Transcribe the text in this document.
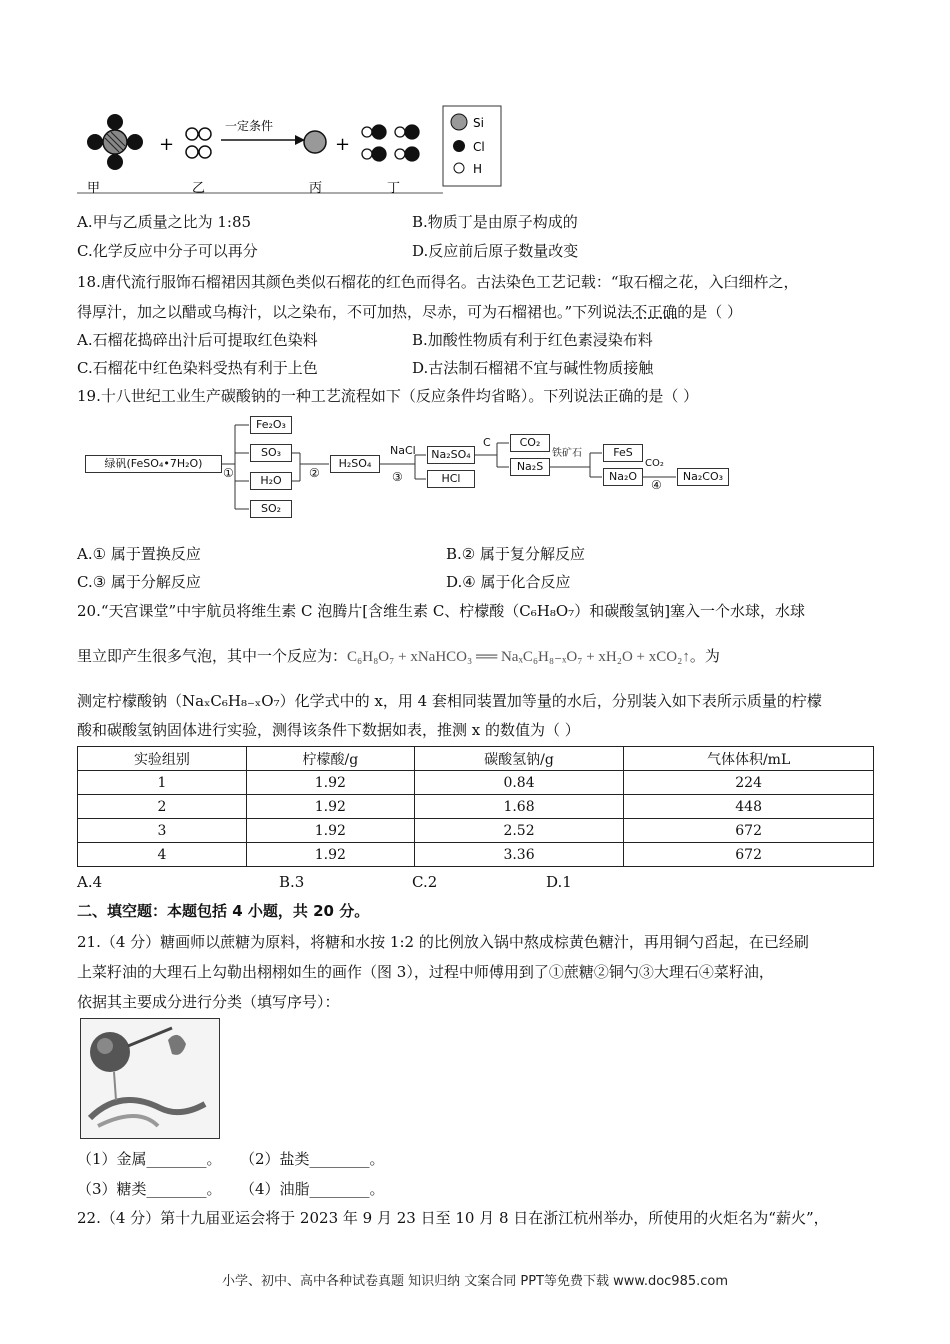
+
一定条件
+
Si
Cl
H
甲	乙	丙	丁
A.甲与乙质量之比为 1:85	B.物质丁是由原子构成的
C.化学反应中分子可以再分	D.反应前后原子数量改变
18.唐代流行服饰石榴裙因其颜色类似石榴花的红色而得名。古法染色工艺记载：“取石榴之花，入臼细杵之，
得厚汁，加之以醋或乌梅汁，以之染布，不可加热，尽赤，可为石榴裙也。”下列说法不正确的是（ ）
A.石榴花捣碎出汁后可提取红色染料	B.加酸性物质有利于红色素浸染布料
C.石榴花中红色染料受热有利于上色	D.古法制石榴裙不宜与碱性物质接触
19.十八世纪工业生产碳酸钠的一种工艺流程如下（反应条件均省略）。下列说法正确的是（ ）
绿矾(FeSO₄•7H₂O)
Fe₂O₃
SO₃
H₂O
SO₂
①	②
H₂SO₄
NaCl
③
Na₂SO₄
HCl
C	CO₂
Na₂S
铁矿石	FeS
Na₂O
CO₂
④
Na₂CO₃
A.① 属于置换反应	B.② 属于复分解反应
C.③ 属于分解反应	D.④ 属于化合反应
20.“天宫课堂”中宇航员将维生素 C 泡腾片[含维生素 C、柠檬酸（C₆H₈O₇）和碳酸氢钠]塞入一个水球，水球
里立即产生很多气泡，其中一个反应为：C₆H₈O₇ + xNaHCO₃ ══ NaₓC₆H₈₋ₓO₇ + xH₂O + xCO₂↑。为
测定柠檬酸钠（NaₓC₆H₈₋ₓO₇）化学式中的 x，用 4 套相同装置加等量的水后，分别装入如下表所示质量的柠檬
酸和碳酸氢钠固体进行实验，测得该条件下数据如表，推测 x 的数值为（ ）
实验组别	柠檬酸/g	碳酸氢钠/g	气体体积/mL
1	1.92	0.84	224
2	1.92	1.68	448
3	1.92	2.52	672
4	1.92	3.36	672
A.4	B.3	C.2	D.1
二、填空题：本题包括 4 小题，共 20 分。
21.（4 分）糖画师以蔗糖为原料，将糖和水按 1:2 的比例放入锅中熬成棕黄色糖汁，再用铜勺舀起，在已经刷
上菜籽油的大理石上勾勒出栩栩如生的画作（图 3），过程中师傅用到了①蔗糖②铜勺③大理石④菜籽油，
依据其主要成分进行分类（填写序号）：
（1）金属________。 （2）盐类________。
（3）糖类________。 （4）油脂________。
22.（4 分）第十九届亚运会将于 2023 年 9 月 23 日至 10 月 8 日在浙江杭州举办，所使用的火炬名为“薪火”，
小学、初中、高中各种试卷真题 知识归纳 文案合同 PPT等免费下载 www.doc985.com
